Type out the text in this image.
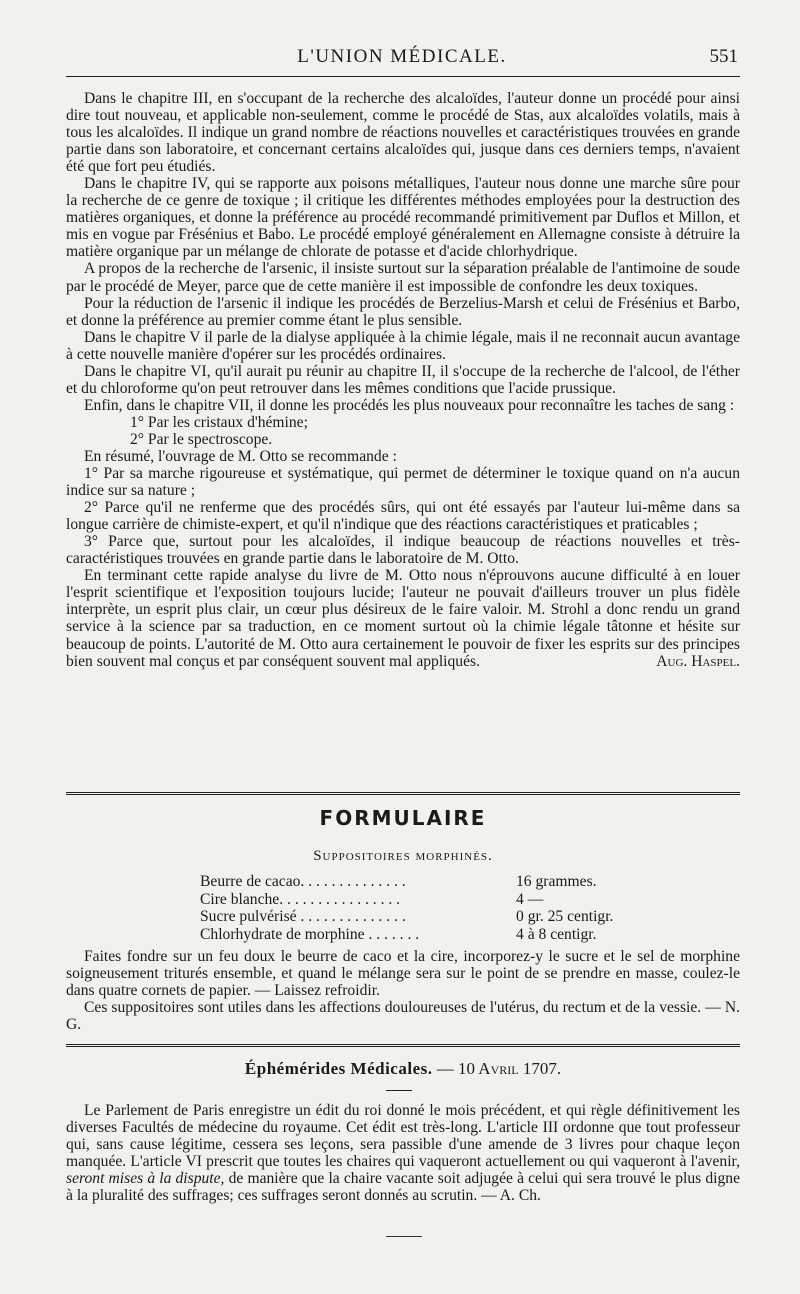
L'UNION MÉDICALE.	551

Dans le chapitre III, en s'occupant de la recherche des alcaloïdes, l'auteur donne un procédé pour ainsi dire tout nouveau, et applicable non-seulement, comme le procédé de Stas, aux alcaloïdes volatils, mais à tous les alcaloïdes. Il indique un grand nombre de réactions nouvelles et caractéristiques trouvées en grande partie dans son laboratoire, et concernant certains alcaloïdes qui, jusque dans ces derniers temps, n'avaient été que fort peu étudiés.

Dans le chapitre IV, qui se rapporte aux poisons métalliques, l'auteur nous donne une marche sûre pour la recherche de ce genre de toxique ; il critique les différentes méthodes employées pour la destruction des matières organiques, et donne la préférence au procédé recommandé primitivement par Duflos et Millon, et mis en vogue par Frésénius et Babo. Le procédé employé généralement en Allemagne consiste à détruire la matière organique par un mélange de chlorate de potasse et d'acide chlorhydrique.

A propos de la recherche de l'arsenic, il insiste surtout sur la séparation préalable de l'antimoine de soude par le procédé de Meyer, parce que de cette manière il est impossible de confondre les deux toxiques.

Pour la réduction de l'arsenic il indique les procédés de Berzelius-Marsh et celui de Frésénius et Barbo, et donne la préférence au premier comme étant le plus sensible.

Dans le chapitre V il parle de la dialyse appliquée à la chimie légale, mais il ne reconnait aucun avantage à cette nouvelle manière d'opérer sur les procédés ordinaires.

Dans le chapitre VI, qu'il aurait pu réunir au chapitre II, il s'occupe de la recherche de l'alcool, de l'éther et du chloroforme qu'on peut retrouver dans les mêmes conditions que l'acide prussique.

Enfin, dans le chapitre VII, il donne les procédés les plus nouveaux pour reconnaître les taches de sang :

1° Par les cristaux d'hémine;

2° Par le spectroscope.

En résumé, l'ouvrage de M. Otto se recommande :

1° Par sa marche rigoureuse et systématique, qui permet de déterminer le toxique quand on n'a aucun indice sur sa nature ;

2° Parce qu'il ne renferme que des procédés sûrs, qui ont été essayés par l'auteur lui-même dans sa longue carrière de chimiste-expert, et qu'il n'indique que des réactions caractéristiques et praticables ;

3° Parce que, surtout pour les alcaloïdes, il indique beaucoup de réactions nouvelles et très-caractéristiques trouvées en grande partie dans le laboratoire de M. Otto.

En terminant cette rapide analyse du livre de M. Otto nous n'éprouvons aucune difficulté à en louer l'esprit scientifique et l'exposition toujours lucide; l'auteur ne pouvait d'ailleurs trouver un plus fidèle interprète, un esprit plus clair, un cœur plus désireux de le faire valoir. M. Strohl a donc rendu un grand service à la science par sa traduction, en ce moment surtout où la chimie légale tâtonne et hésite sur beaucoup de points. L'autorité de M. Otto aura certainement le pouvoir de fixer les esprits sur des principes bien souvent mal conçus et par conséquent souvent mal appliqués.	Aug. Haspel.

FORMULAIRE
Suppositoires morphinés.
Beurre de cacao. . . . . . . . . . . . . .	16 grammes.
Cire blanche. . . . . . . . . . . . . . . .	4 —
Sucre pulvérisé . . . . . . . . . . . . . .	0 gr. 25 centigr.
Chlorhydrate de morphine . . . . . . .	4 à 8 centigr.

Faites fondre sur un feu doux le beurre de caco et la cire, incorporez-y le sucre et le sel de morphine soigneusement triturés ensemble, et quand le mélange sera sur le point de se prendre en masse, coulez-le dans quatre cornets de papier. — Laissez refroidir.

Ces suppositoires sont utiles dans les affections douloureuses de l'utérus, du rectum et de la vessie. — N. G.

Éphémérides Médicales. — 10 Avril 1707.

Le Parlement de Paris enregistre un édit du roi donné le mois précédent, et qui règle définitivement les diverses Facultés de médecine du royaume. Cet édit est très-long. L'article III ordonne que tout professeur qui, sans cause légitime, cessera ses leçons, sera passible d'une amende de 3 livres pour chaque leçon manquée. L'article VI prescrit que toutes les chaires qui vaqueront actuellement ou qui vaqueront à l'avenir, seront mises à la dispute, de manière que la chaire vacante soit adjugée à celui qui sera trouvé le plus digne à la pluralité des suffrages; ces suffrages seront donnés au scrutin. — A. Ch.
